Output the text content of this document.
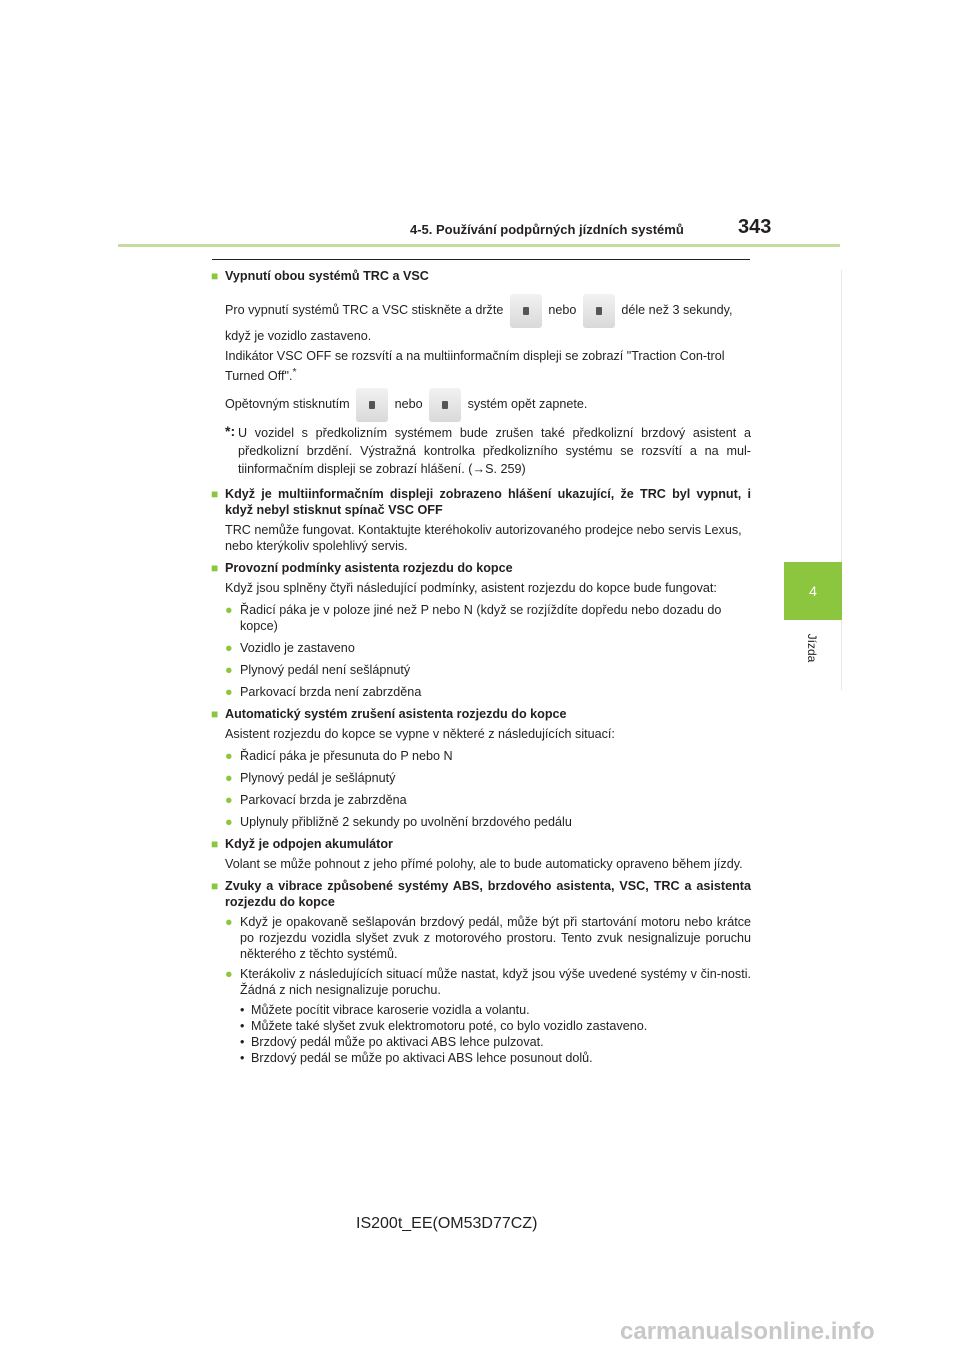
4-5. Používání podpůrných jízdních systémů	343
4
Jízda

■ Vypnutí obou systémů TRC a VSC

Pro vypnutí systémů TRC a VSC stiskněte a držte	nebo	déle než 3 sekundy,

když je vozidlo zastaveno.

Indikátor VSC OFF se rozsvítí a na multiinformačním displeji se zobrazí "Traction Con-trol Turned Off".*

Opětovným stisknutím	nebo	systém opět zapnete.

*: U vozidel s předkolizním systémem bude zrušen také předkolizní brzdový asistent a předkolizní brzdění. Výstražná kontrolka předkolizního systému se rozsvítí a na mul-tiinformačním displeji se zobrazí hlášení. (→S. 259)

■ Když je multiinformačním displeji zobrazeno hlášení ukazující, že TRC byl vypnut, i když nebyl stisknut spínač VSC OFF

TRC nemůže fungovat. Kontaktujte kteréhokoliv autorizovaného prodejce nebo servis Lexus, nebo kterýkoliv spolehlivý servis.

■ Provozní podmínky asistenta rozjezdu do kopce

Když jsou splněny čtyři následující podmínky, asistent rozjezdu do kopce bude fungovat:

● Řadicí páka je v poloze jiné než P nebo N (když se rozjíždíte dopředu nebo dozadu do kopce)

● Vozidlo je zastaveno

● Plynový pedál není sešlápnutý

● Parkovací brzda není zabrzděna

■ Automatický systém zrušení asistenta rozjezdu do kopce

Asistent rozjezdu do kopce se vypne v některé z následujících situací:

● Řadicí páka je přesunuta do P nebo N

● Plynový pedál je sešlápnutý

● Parkovací brzda je zabrzděna

● Uplynuly přibližně 2 sekundy po uvolnění brzdového pedálu

■ Když je odpojen akumulátor

Volant se může pohnout z jeho přímé polohy, ale to bude automaticky opraveno během jízdy.

■ Zvuky a vibrace způsobené systémy ABS, brzdového asistenta, VSC, TRC a asistenta rozjezdu do kopce

● Když je opakovaně sešlapován brzdový pedál, může být při startování motoru nebo krátce po rozjezdu vozidla slyšet zvuk z motorového prostoru. Tento zvuk nesignalizuje poruchu některého z těchto systémů.

● Kterákoliv z následujících situací může nastat, když jsou výše uvedené systémy v čin-nosti. Žádná z nich nesignalizuje poruchu.

• Můžete pocítit vibrace karoserie vozidla a volantu.

• Můžete také slyšet zvuk elektromotoru poté, co bylo vozidlo zastaveno.

• Brzdový pedál může po aktivaci ABS lehce pulzovat.

• Brzdový pedál se může po aktivaci ABS lehce posunout dolů.

IS200t_EE(OM53D77CZ)
carmanualsonline.info
